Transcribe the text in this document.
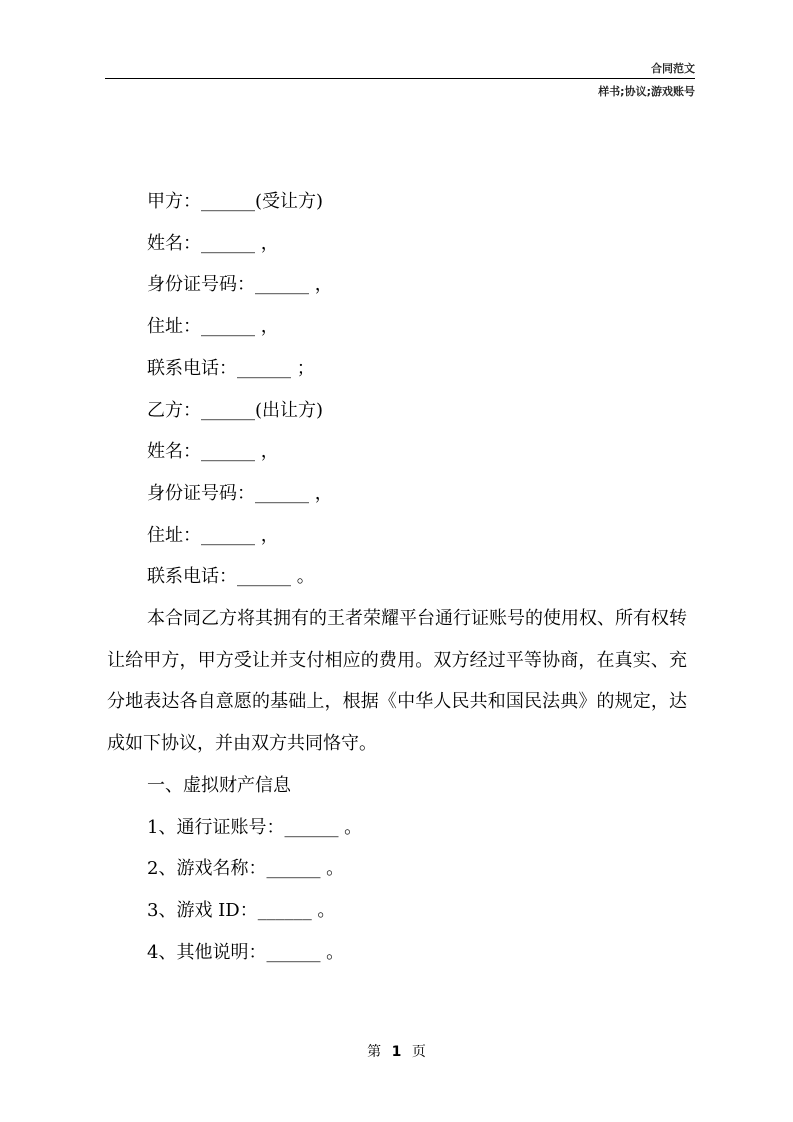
合同范文
样书;协议;游戏账号
甲方：______(受让方)
姓名：______ ，
身份证号码：______ ，
住址：______ ，
联系电话：______ ；
乙方：______(出让方)
姓名：______ ，
身份证号码：______ ，
住址：______ ，
联系电话：______ 。
本合同乙方将其拥有的王者荣耀平台通行证账号的使用权、所有权转让给甲方，甲方受让并支付相应的费用。双方经过平等协商，在真实、充分地表达各自意愿的基础上，根据《中华人民共和国民法典》的规定，达成如下协议，并由双方共同恪守。
一、虚拟财产信息
1、通行证账号：______ 。
2、游戏名称：______ 。
3、游戏 ID：______ 。
4、其他说明：______ 。
第 1 页
